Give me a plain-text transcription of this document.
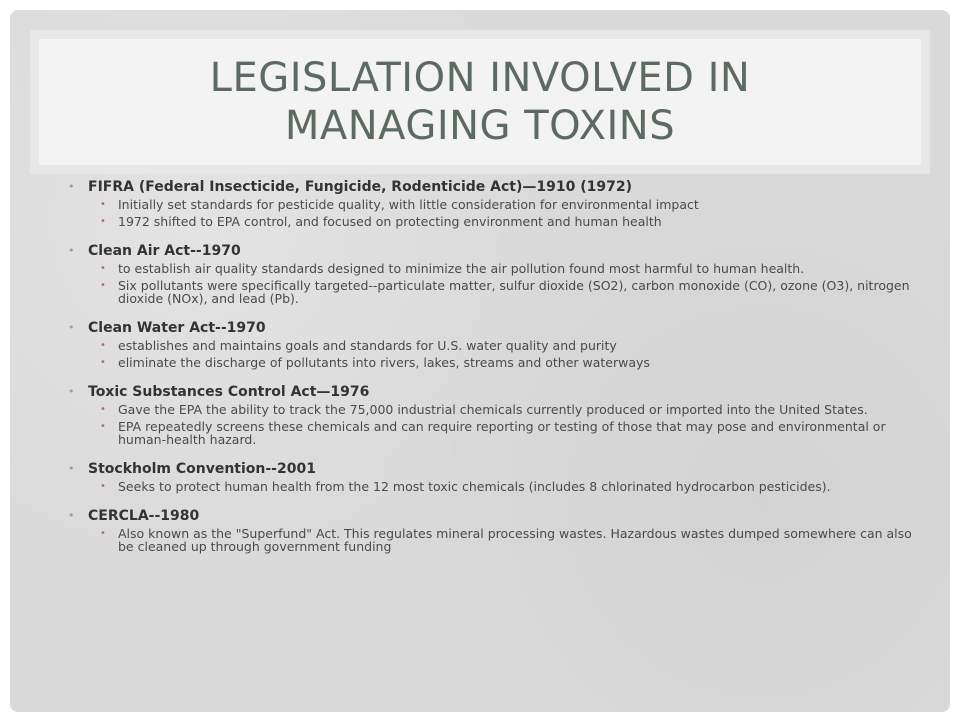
LEGISLATION INVOLVED IN
MANAGING TOXINS
• FIFRA (Federal Insecticide, Fungicide, Rodenticide Act)—1910 (1972)
• Initially set standards for pesticide quality, with little consideration for environmental impact
• 1972 shifted to EPA control, and focused on protecting environment and human health
• Clean Air Act--1970
• to establish air quality standards designed to minimize the air pollution found most harmful to human health.
• Six pollutants were specifically targeted--particulate matter, sulfur dioxide (SO2), carbon monoxide (CO), ozone (O3), nitrogen dioxide (NOx), and lead (Pb).
• Clean Water Act--1970
• establishes and maintains goals and standards for U.S. water quality and purity
• eliminate the discharge of pollutants into rivers, lakes, streams and other waterways
• Toxic Substances Control Act—1976
• Gave the EPA the ability to track the 75,000 industrial chemicals currently produced or imported into the United States.
• EPA repeatedly screens these chemicals and can require reporting or testing of those that may pose and environmental or human-health hazard.
• Stockholm Convention--2001
• Seeks to protect human health from the 12 most toxic chemicals (includes 8 chlorinated hydrocarbon pesticides).
• CERCLA--1980
• Also known as the "Superfund" Act. This regulates mineral processing wastes. Hazardous wastes dumped somewhere can also be cleaned up through government funding
